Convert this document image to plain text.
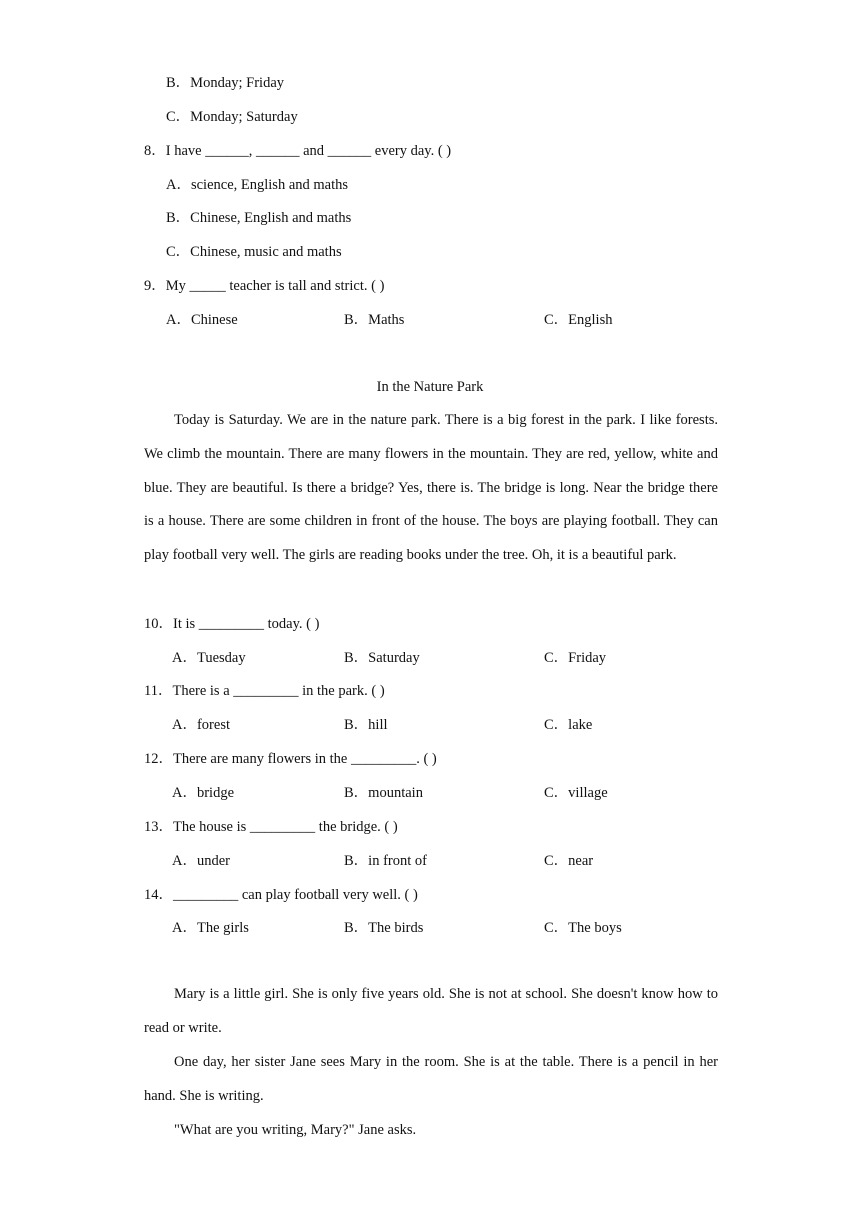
B．Monday; Friday
C．Monday; Saturday
8．I have ______, ______ and ______ every day. ( )
A．science, English and maths
B．Chinese, English and maths
C．Chinese, music and maths
9．My _____ teacher is tall and strict. ( )
A．Chinese	B．Maths	C．English
In the Nature Park
Today is Saturday. We are in the nature park. There is a big forest in the park. I like forests. We climb the mountain. There are many flowers in the mountain. They are red, yellow, white and blue. They are beautiful. Is there a bridge? Yes, there is. The bridge is long. Near the bridge there is a house. There are some children in front of the house. The boys are playing football. They can play football very well. The girls are reading books under the tree. Oh, it is a beautiful park.
10．It is _________ today. ( )
A．Tuesday	B．Saturday	C．Friday
11．There is a _________ in the park. ( )
A．forest	B．hill	C．lake
12．There are many flowers in the _________. ( )
A．bridge	B．mountain	C．village
13．The house is _________ the bridge. ( )
A．under	B．in front of	C．near
14．_________ can play football very well. ( )
A．The girls	B．The birds	C．The boys
Mary is a little girl. She is only five years old. She is not at school. She doesn't know how to read or write.
One day, her sister Jane sees Mary in the room. She is at the table. There is a pencil in her hand. She is writing.
"What are you writing, Mary?" Jane asks.
